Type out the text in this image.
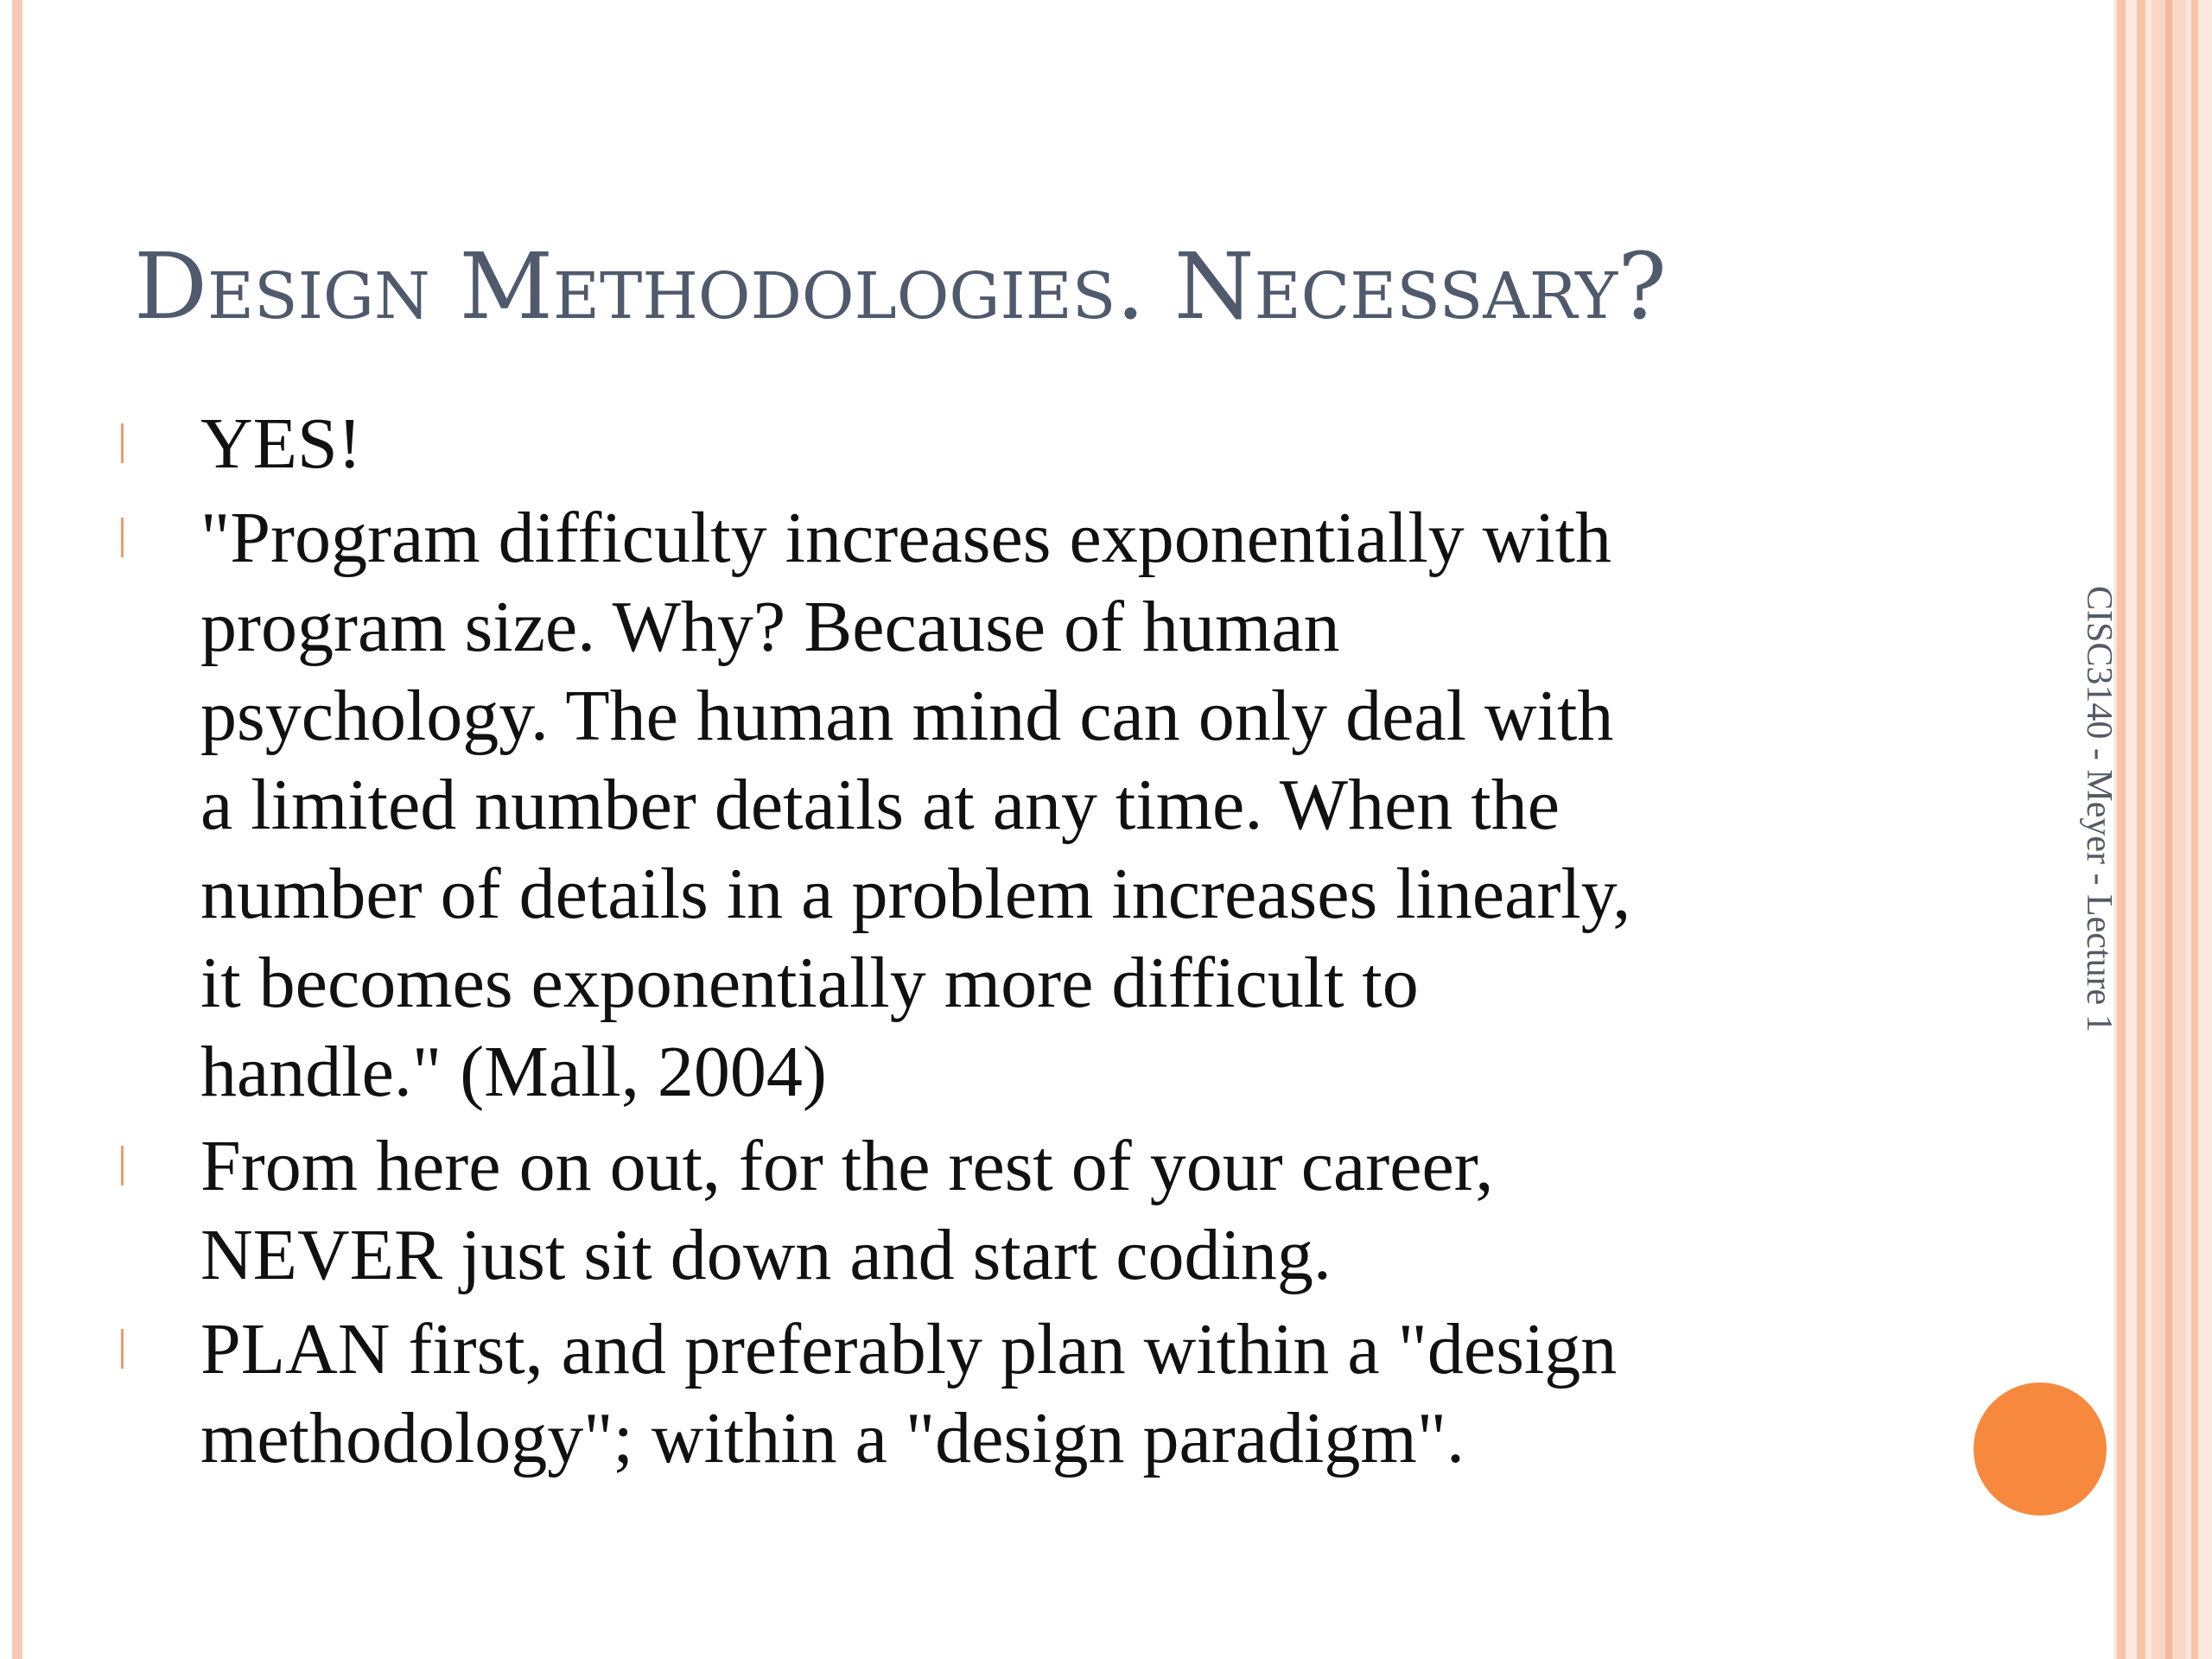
Design Methodologies. Necessary?
YES!
"Program difficulty increases exponentially with
program size. Why? Because of human
psychology. The human mind can only deal with
a limited number details at any time. When the
number of details in a problem increases linearly,
it becomes exponentially more difficult to
handle." (Mall, 2004)
From here on out, for the rest of your career,
NEVER just sit down and start coding.
PLAN first, and preferably plan within a "design
methodology"; within a "design paradigm".
CISC3140 - Meyer - Lecture 1
